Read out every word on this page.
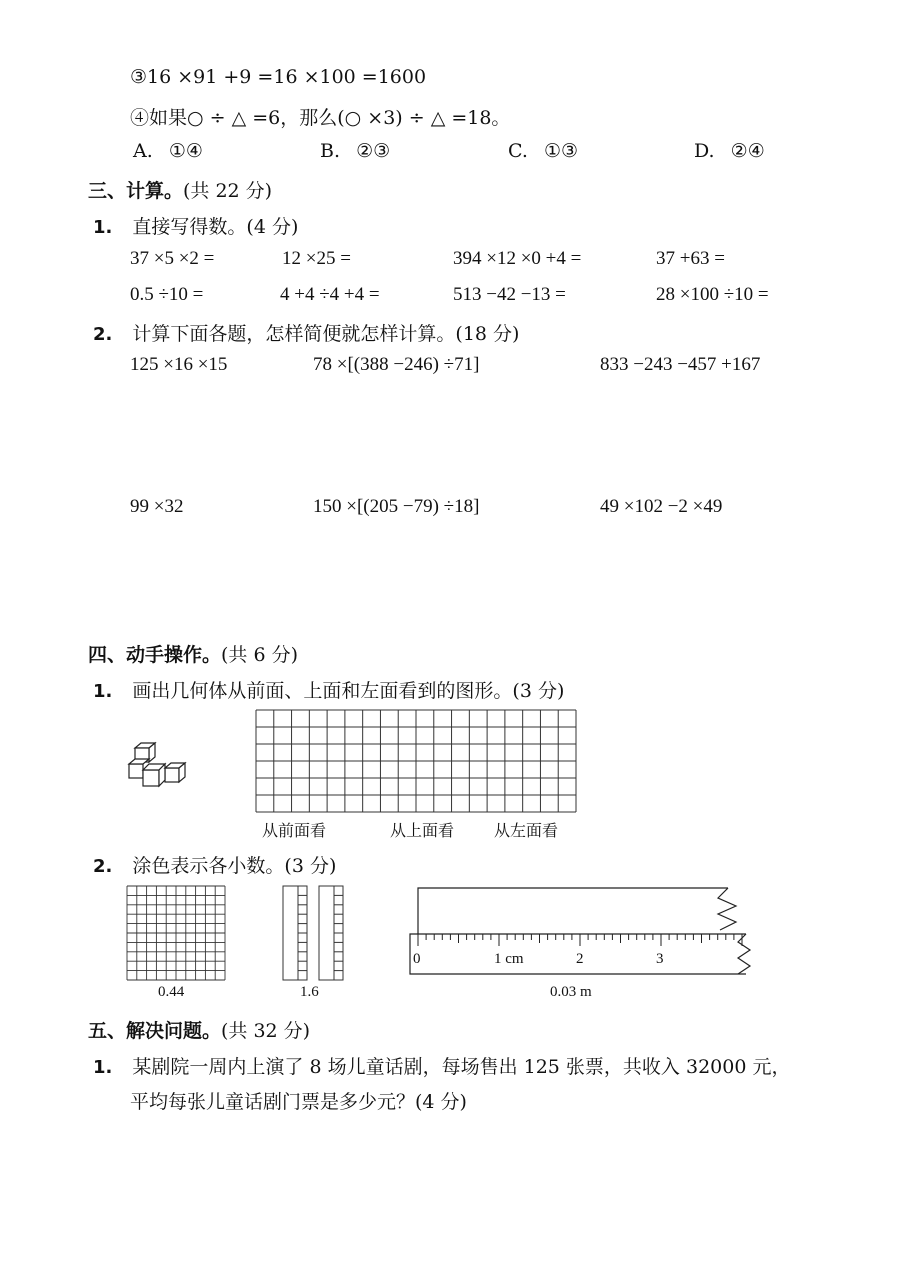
③16 ×91 +9 =16 ×100 =1600
④如果○ ÷ △ =6，那么(○ ×3) ÷ △ =18。
A. ①④	B. ②③	C. ①③	D. ②④
三、计算。(共 22 分)
1. 直接写得数。(4 分)
37 ×5 ×2 =	12 ×25 =	394 ×12 ×0 +4 =	37 +63 =
0.5 ÷10 =	4 +4 ÷4 +4 =	513 −42 −13 =	28 ×100 ÷10 =
2. 计算下面各题，怎样简便就怎样计算。(18 分)
125 ×16 ×15	78 ×[(388 −246) ÷71]	833 −243 −457 +167
99 ×32	150 ×[(205 −79) ÷18]	49 ×102 −2 ×49
四、动手操作。(共 6 分)
1. 画出几何体从前面、上面和左面看到的图形。(3 分)
从前面看	从上面看 从左面看
2. 涂色表示各小数。(3 分)
0.44	1.6
0	1 cm	2	3
0.03 m
五、解决问题。(共 32 分)
1. 某剧院一周内上演了 8 场儿童话剧，每场售出 125 张票，共收入 32000 元，
平均每张儿童话剧门票是多少元？(4 分)
